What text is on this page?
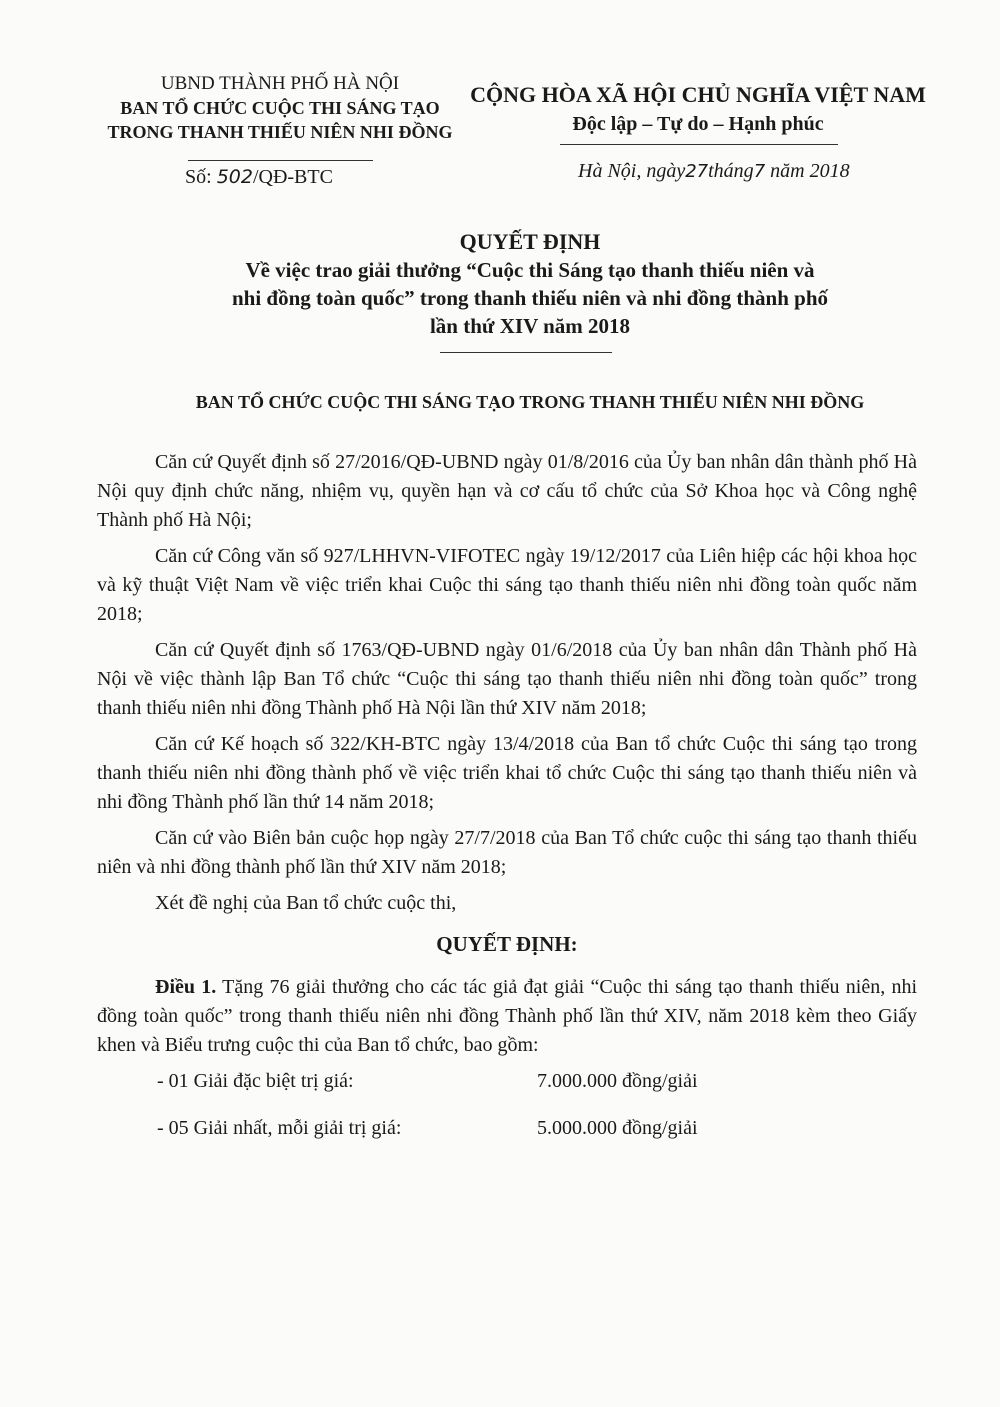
UBND THÀNH PHỐ HÀ NỘI
BAN TỔ CHỨC CUỘC THI SÁNG TẠO
TRONG THANH THIẾU NIÊN NHI ĐỒNG
Số: 502/QĐ-BTC
CỘNG HÒA XÃ HỘI CHỦ NGHĨA VIỆT NAM
Độc lập – Tự do – Hạnh phúc
Hà Nội, ngày27tháng7 năm 2018
QUYẾT ĐỊNH
Về việc trao giải thưởng “Cuộc thi Sáng tạo thanh thiếu niên và
nhi đồng toàn quốc” trong thanh thiếu niên và nhi đồng thành phố
lần thứ XIV năm 2018
BAN TỔ CHỨC CUỘC THI SÁNG TẠO TRONG THANH THIẾU NIÊN NHI ĐỒNG

Căn cứ Quyết định số 27/2016/QĐ-UBND ngày 01/8/2016 của Ủy ban nhân dân thành phố Hà Nội quy định chức năng, nhiệm vụ, quyền hạn và cơ cấu tổ chức của Sở Khoa học và Công nghệ Thành phố Hà Nội;

Căn cứ Công văn số 927/LHHVN-VIFOTEC ngày 19/12/2017 của Liên hiệp các hội khoa học và kỹ thuật Việt Nam về việc triển khai Cuộc thi sáng tạo thanh thiếu niên nhi đồng toàn quốc năm 2018;

Căn cứ Quyết định số 1763/QĐ-UBND ngày 01/6/2018 của Ủy ban nhân dân Thành phố Hà Nội về việc thành lập Ban Tổ chức “Cuộc thi sáng tạo thanh thiếu niên nhi đồng toàn quốc” trong thanh thiếu niên nhi đồng Thành phố Hà Nội lần thứ XIV năm 2018;

Căn cứ Kế hoạch số 322/KH-BTC ngày 13/4/2018 của Ban tổ chức Cuộc thi sáng tạo trong thanh thiếu niên nhi đồng thành phố về việc triển khai tổ chức Cuộc thi sáng tạo thanh thiếu niên và nhi đồng Thành phố lần thứ 14 năm 2018;

Căn cứ vào Biên bản cuộc họp ngày 27/7/2018 của Ban Tổ chức cuộc thi sáng tạo thanh thiếu niên và nhi đồng thành phố lần thứ XIV năm 2018;

Xét đề nghị của Ban tổ chức cuộc thi,

QUYẾT ĐỊNH:

Điều 1. Tặng 76 giải thưởng cho các tác giả đạt giải “Cuộc thi sáng tạo thanh thiếu niên, nhi đồng toàn quốc” trong thanh thiếu niên nhi đồng Thành phố lần thứ XIV, năm 2018 kèm theo Giấy khen và Biểu trưng cuộc thi của Ban tổ chức, bao gồm:

- 01 Giải đặc biệt trị giá:	7.000.000 đồng/giải
- 05 Giải nhất, mỗi giải trị giá:	5.000.000 đồng/giải
